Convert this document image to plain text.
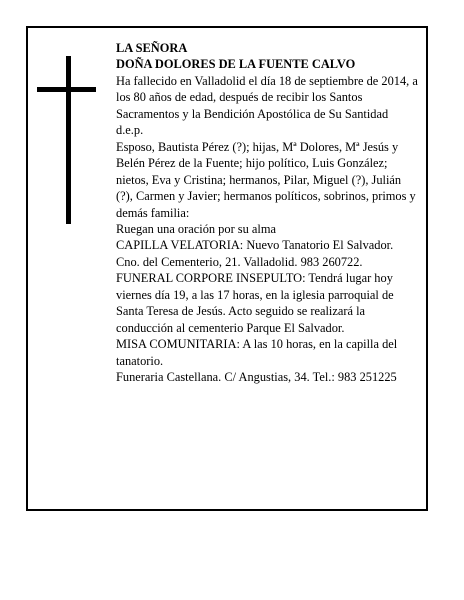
LA SEÑORA

DOÑA DOLORES DE LA FUENTE CALVO

Ha fallecido en Valladolid el día 18 de septiembre de 2014, a los 80 años de edad, después de recibir los Santos Sacramentos y la Bendición Apostólica de Su Santidad

d.e.p.

Esposo, Bautista Pérez (?); hijas, Mª Dolores, Mª Jesús y Belén Pérez de la Fuente; hijo político, Luis González; nietos, Eva y Cristina; hermanos, Pilar, Miguel (?), Julián (?), Carmen y Javier; hermanos políticos, sobrinos, primos y demás familia:

Ruegan una oración por su alma

CAPILLA VELATORIA: Nuevo Tanatorio El Salvador. Cno. del Cementerio, 21. Valladolid. 983 260722.

FUNERAL CORPORE INSEPULTO: Tendrá lugar hoy viernes día 19, a las 17 horas, en la iglesia parroquial de Santa Teresa de Jesús. Acto seguido se realizará la conducción al cementerio Parque El Salvador.

MISA COMUNITARIA: A las 10 horas, en la capilla del tanatorio.

Funeraria Castellana. C/ Angustias, 34. Tel.: 983 251225
